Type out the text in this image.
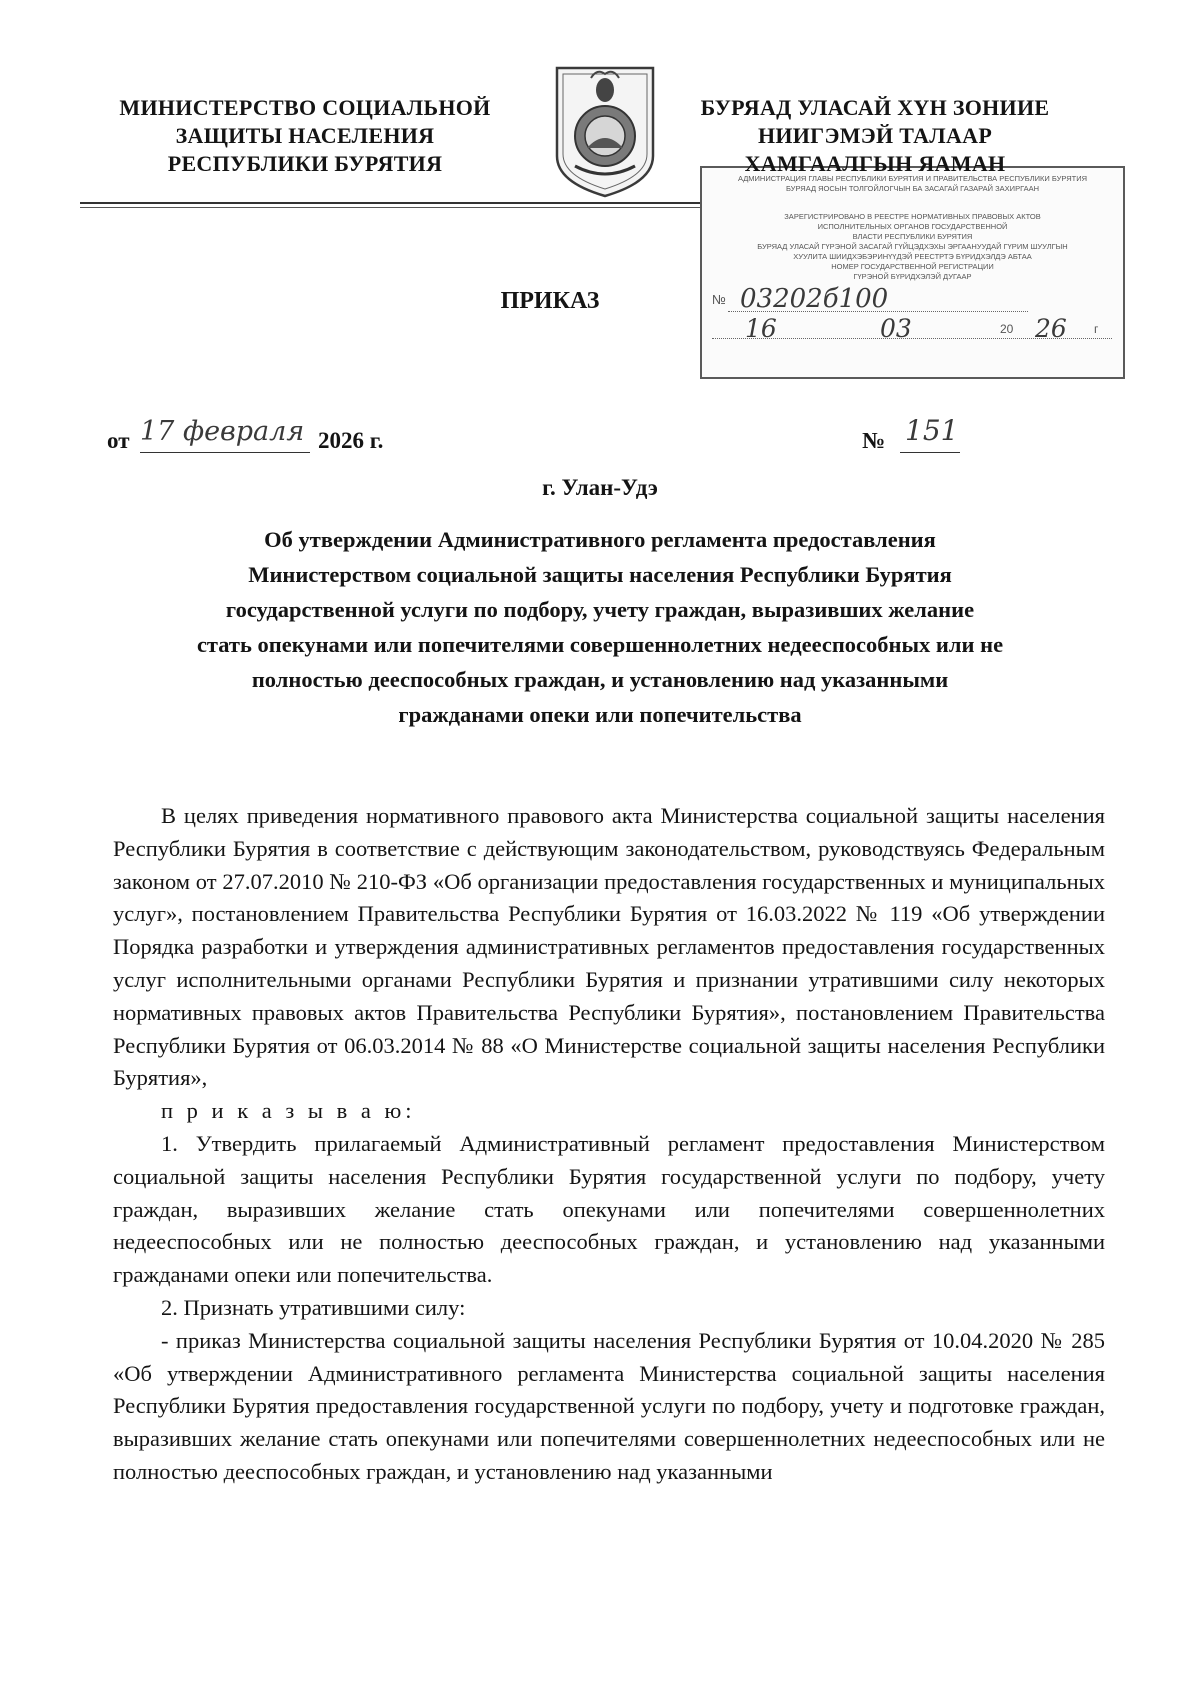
МИНИСТЕРСТВО СОЦИАЛЬНОЙ
ЗАЩИТЫ НАСЕЛЕНИЯ
РЕСПУБЛИКИ БУРЯТИЯ
БУРЯАД УЛАСАЙ ХҮН ЗОНИИЕ
НИИГЭМЭЙ ТАЛААР
АДМИНИСТРАЦИЯ ГЛАВЫ РЕСПУБЛИКИ БУРЯТИЯ И ПРАВИТЕЛЬСТВА РЕСПУБЛИКИ БУРЯТИЯ
БУРЯАД ЯОСЫН ТОЛГОЙЛОГЧЫН БА ЗАСАГАЙ ГАЗАРАЙ ЗАХИРГААН
ЗАРЕГИСТРИРОВАНО В РЕЕСТРЕ НОРМАТИВНЫХ ПРАВОВЫХ АКТОВ
ИСПОЛНИТЕЛЬНЫХ ОРГАНОВ ГОСУДАРСТВЕННОЙ
ВЛАСТИ РЕСПУБЛИКИ БУРЯТИЯ
БУРЯАД УЛАСАЙ ГҮРЭНОЙ ЗАСАГАЙ ГҮЙЦЭДХЭХЫ ЭРГААНУУДАЙ ГҮРИМ ШУУЛГЫН
ХУУЛИТА ШИИДХЭБЭРИНҮҮДЭЙ РЕЕСТРТЭ БҮРИДХЭЛДЭ АБТАА
НОМЕР ГОСУДАРСТВЕННОЙ РЕГИСТРАЦИИ
ГҮРЭНОЙ БҮРИДХЭЛЭЙ ДУГААР
ХАМГААЛГЫН ЯАМАН
№ 03202б100
16	03	20 26 г
ПРИКАЗ
от 17 февраля 2026 г.	№ 151
г. Улан-Удэ
Об утверждении Административного регламента предоставления
Министерством социальной защиты населения Республики Бурятия
государственной услуги по подбору, учету граждан, выразивших желание
стать опекунами или попечителями совершеннолетних недееспособных или не
полностью дееспособных граждан, и установлению над указанными
гражданами опеки или попечительства

В целях приведения нормативного правового акта Министерства социальной защиты населения Республики Бурятия в соответствие с действующим законодательством, руководствуясь Федеральным законом от 27.07.2010 № 210-ФЗ «Об организации предоставления государственных и муниципальных услуг», постановлением Правительства Республики Бурятия от 16.03.2022 № 119 «Об утверждении Порядка разработки и утверждения административных регламентов предоставления государственных услуг исполнительными органами Республики Бурятия и признании утратившими силу некоторых нормативных правовых актов Правительства Республики Бурятия», постановлением Правительства Республики Бурятия от 06.03.2014 № 88 «О Министерстве социальной защиты населения Республики Бурятия»,

п р и к а з ы в а ю:

1. Утвердить прилагаемый Административный регламент предоставления Министерством социальной защиты населения Республики Бурятия государственной услуги по подбору, учету граждан, выразивших желание стать опекунами или попечителями совершеннолетних недееспособных или не полностью дееспособных граждан, и установлению над указанными гражданами опеки или попечительства.

2. Признать утратившими силу:

- приказ Министерства социальной защиты населения Республики Бурятия от 10.04.2020 № 285 «Об утверждении Административного регламента Министерства социальной защиты населения Республики Бурятия предоставления государственной услуги по подбору, учету и подготовке граждан, выразивших желание стать опекунами или попечителями совершеннолетних недееспособных или не полностью дееспособных граждан, и установлению над указанными
